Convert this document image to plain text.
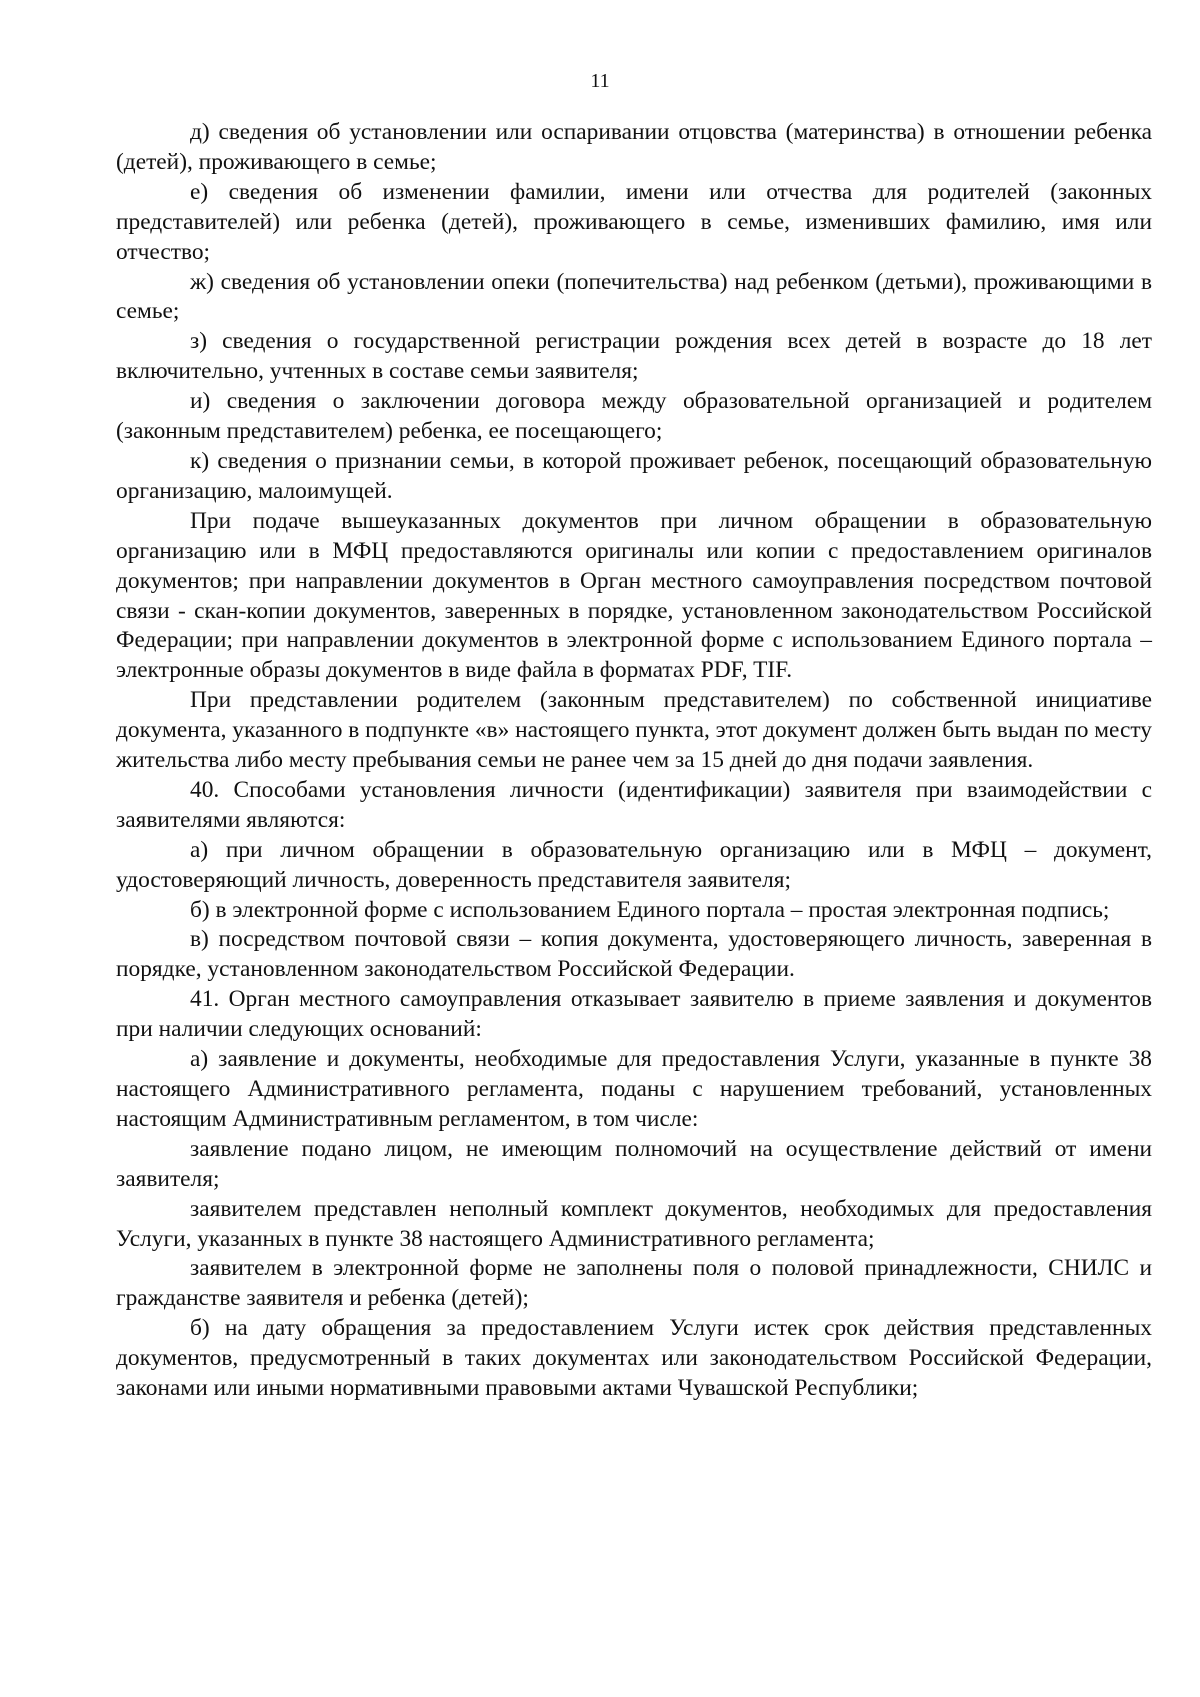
11

д) сведения об установлении или оспаривании отцовства (материнства) в отношении ребенка (детей), проживающего в семье;

е) сведения об изменении фамилии, имени или отчества для родителей (законных представителей) или ребенка (детей), проживающего в семье, изменивших фамилию, имя или отчество;

ж) сведения об установлении опеки (попечительства) над ребенком (детьми), проживающими в семье;

з) сведения о государственной регистрации рождения всех детей в возрасте до 18 лет включительно, учтенных в составе семьи заявителя;

и) сведения о заключении договора между образовательной организацией и родителем (законным представителем) ребенка, ее посещающего;

к) сведения о признании семьи, в которой проживает ребенок, посещающий образовательную организацию, малоимущей.

При подаче вышеуказанных документов при личном обращении в образовательную организацию или в МФЦ предоставляются оригиналы или копии с предоставлением оригиналов документов; при направлении документов в Орган местного самоуправления посредством почтовой связи - скан-копии документов, заверенных в порядке, установленном законодательством Российской Федерации; при направлении документов в электронной форме с использованием Единого портала – электронные образы документов в виде файла в форматах PDF, TIF.

При представлении родителем (законным представителем) по собственной инициативе документа, указанного в подпункте «в» настоящего пункта, этот документ должен быть выдан по месту жительства либо месту пребывания семьи не ранее чем за 15 дней до дня подачи заявления.

40. Способами установления личности (идентификации) заявителя при взаимодействии с заявителями являются:

а) при личном обращении в образовательную организацию или в МФЦ – документ, удостоверяющий личность, доверенность представителя заявителя;

б) в электронной форме с использованием Единого портала – простая электронная подпись;

в) посредством почтовой связи – копия документа, удостоверяющего личность, заверенная в порядке, установленном законодательством Российской Федерации.

41. Орган местного самоуправления отказывает заявителю в приеме заявления и документов при наличии следующих оснований:

а) заявление и документы, необходимые для предоставления Услуги, указанные в пункте 38 настоящего Административного регламента, поданы с нарушением требований, установленных настоящим Административным регламентом, в том числе:

заявление подано лицом, не имеющим полномочий на осуществление действий от имени заявителя;

заявителем представлен неполный комплект документов, необходимых для предоставления Услуги, указанных в пункте 38 настоящего Административного регламента;

заявителем в электронной форме не заполнены поля о половой принадлежности, СНИЛС и гражданстве заявителя и ребенка (детей);

б) на дату обращения за предоставлением Услуги истек срок действия представленных документов, предусмотренный в таких документах или законодательством Российской Федерации, законами или иными нормативными правовыми актами Чувашской Республики;
